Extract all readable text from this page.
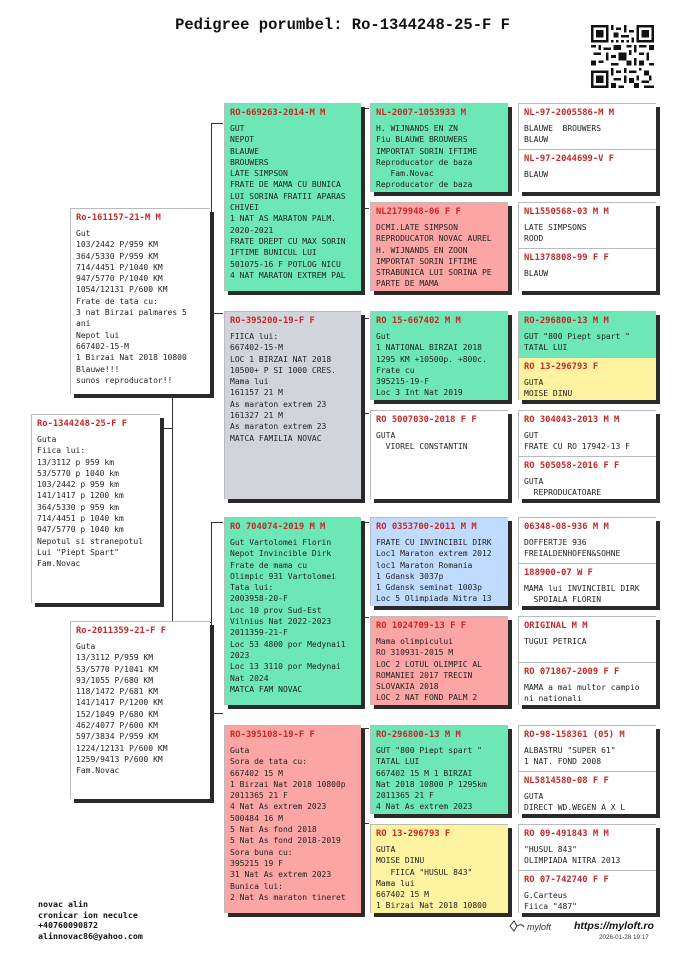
Pedigree porumbel: Ro-1344248-25-F F
Ro-1344248-25-F F
Guta
Fiica lui:
13/3112 p 959 km
53/5770 p 1040 km
103/2442 p 959 km
141/1417 p 1200 km
364/5330 p 959 km
714/4451 p 1040 km
947/5770 p 1040 km
Nepotul si stranepotul
Lui "Piept Spart"
Fam.Novac
Ro-161157-21-M M
Gut
103/2442 P/959 KM
364/5330 P/959 KM
714/4451 P/1040 KM
947/5770 P/1040 KM
1054/12131 P/600 KM
Frate de tata cu:
3 nat Birzai palmares 5
ani
Nepot lui
667402-15-M
1 Birzai Nat 2018 10800
Blauwe!!!
sunos reproducator!!
Ro-2011359-21-F F
Guta
13/3112 P/959 KM
53/5770 P/1041 KM
93/1055 P/680 KM
118/1472 P/681 KM
141/1417 P/1200 KM
152/1049 P/680 KM
462/4077 P/600 KM
597/3834 P/959 KM
1224/12131 P/600 KM
1259/9413 P/600 KM
Fam.Novac
RO-669263-2014-M M
GUT
NEPOT
BLAUWE
BROUWERS
LATE SIMPSON
FRATE DE MAMA CU BUNICA
LUI SORINA FRATII APARAS
CHIVEI
1 NAT AS MARATON PALM.
2020-2021
FRATE DREPT CU MAX SORIN
IFTIME BUNICUL LUI
501075-16 F POTLOG NICU
4 NAT MARATON EXTREM PAL
RO-395200-19-F F
FIICA lui:
667402-15-M
LOC 1 BIRZAI NAT 2018
10500+ P SI 1000 CRES.
Mama lui
161157 21 M
As maraton extrem 23
161327 21 M
As maraton extrem 23
MATCA FAMILIA NOVAC
RO 704074-2019 M M
Gut Vartolomei Florin
Nepot Invincible Dirk
Frate de mama cu
Olimpic 931 Vartolomei
Tata lui:
2003958-20-F
Loc 10 prov Sud-Est
Vilnius Nat 2022-2023
2011359-21-F
Loc 53 4800 por Medynai1
2023
Loc 13 3110 por Medynai
Nat 2024
MATCA FAM NOVAC
RO-395108-19-F F
Guta
Sora de tata cu:
667402 15 M
1 Birzai Nat 2018 10800p
2011365 21 F
4 Nat As extrem 2023
500484 16 M
5 Nat As fond 2018
5 Nat As fond 2018-2019
Sora buna cu:
395215 19 F
31 Nat As extrem 2023
Bunica lui:
2 Nat As maraton tineret
NL-2007-1053933 M
H. WIJNANDS EN ZN
Fiu BLAUWE BROUWERS
IMPORTAT SORIN IFTIME
Reproducator de baza
Fam.Novac
Reproducator de baza
NL2179948-06 F F
DCMI.LATE SIMPSON
REPRODUCATOR NOVAC AUREL
H. WIJNANDS EN ZOON
IMPORTAT SORIN IFTIME
STRABUNICA LUI SORINA PE
PARTE DE MAMA
RO 15-667402 M M
Gut
1 NATIONAL BIRZAI 2018
1295 KM +10500p. +800c.
Frate cu
395215-19-F
Loc 3 Int Nat 2019
RO 5007030-2018 F F
GUTA
VIOREL CONSTANTIN
RO 0353700-2011 M M
FRATE CU INVINCIBIL DIRK
Loc1 Maraton extrem 2012
loc1 Maraton Romania
1 Gdansk 3037p
1 Gdansk seminat 1003p
Loc 5 Olimpiada Nitra 13
RO 1024709-13 F F
Mama olimpicului
RO 310931-2015 M
LOC 2 LOTUL OLIMPIC AL
ROMANIEI 2017 TRECIN
SLOVAKIA 2018
LOC 2 NAT FOND PALM 2
RO-296800-13 M M
GUT "800 Piept spart "
TATAL LUI
667402 15 M 1 BIRZAI
Nat 2018 10800 P 1295km
2011365 21 F
4 Nat As extrem 2023
RO 13-296793 F
GUTA
MOISE DINU
FIICA "HUSUL 843"
Mama lui
667402 15 M
1 Birzai Nat 2018 10800
NL-97-2005586-M M
BLAUWE  BROUWERS
BLAUW
NL-97-2044699-V F
BLAUW
NL1550568-03 M M
LATE SIMPSONS
ROOD
NL1378808-99 F F
BLAUW
RO-296800-13 M M
GUT "800 Piept spart "
TATAL LUI
RO 13-296793 F
GUTA
MOISE DINU
RO 304043-2013 M M
GUT
FRATE CU RO 17942-13 F
RO 505058-2016 F F
GUTA
REPRODUCATOARE
06348-08-936 M M
DOFFERTJE 936
FREIALDENHOFEN&SOHNE
188900-07 W F
MAMA lui INVINCIBIL DIRK
SPOIALA FLORIN
ORIGINAL M M
TUGUI PETRICA
RO 071867-2009 F F
MAMA a mai multor campio
ni nationali
RO-98-158361 (05) M
ALBASTRU "SUPER 61"
1 NAT. FOND 2008
NL5814580-08 F F
GUTA
DIRECT WD.WEGEN A X L
RO 09-491843 M M
"HUSUL 843"
OLIMPIADA NITRA 2013
RO 07-742740 F F
G.Carteus
Fiica "487"
novac alin
cronicar ion neculce
+40760090872
alinnovac86@yahoo.com
myloft https://myloft.ro
2026-01-28 19:17
